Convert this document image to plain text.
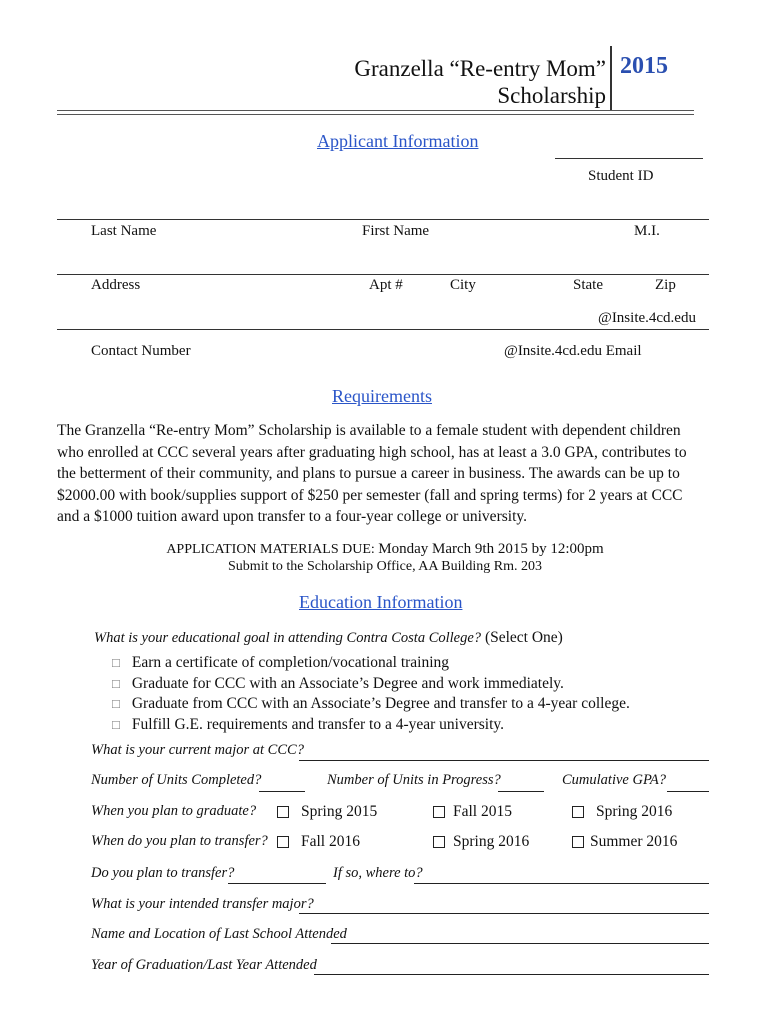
Granzella “Re-entry Mom”
Scholarship
2015
Applicant Information
Student ID
Last Name	First Name	M.I.
Address	Apt #	City	State	Zip
@Insite.4cd.edu
Contact Number	@Insite.4cd.edu Email
Requirements
The Granzella “Re-entry Mom” Scholarship is available to a female student with dependent children
who enrolled at CCC several years after graduating high school, has at least a 3.0 GPA, contributes to
the betterment of their community, and plans to pursue a career in business. The awards can be up to
$2000.00 with book/supplies support of $250 per semester (fall and spring terms) for 2 years at CCC
and a $1000 tuition award upon transfer to a four-year college or university.
APPLICATION MATERIALS DUE: Monday March 9th 2015 by 12:00pm
Submit to the Scholarship Office, AA Building Rm. 203
Education Information
What is your educational goal in attending Contra Costa College? (Select One)
□ Earn a certificate of completion/vocational training
□ Graduate for CCC with an Associate’s Degree and work immediately.
□ Graduate from CCC with an Associate’s Degree and transfer to a 4-year college.
□ Fulfill G.E. requirements and transfer to a 4-year university.
What is your current major at CCC?
Number of Units Completed?	Number of Units in Progress?	Cumulative GPA?
When you plan to graduate?	Spring 2015	Fall 2015	Spring 2016
When do you plan to transfer? Fall 2016	Spring 2016	Summer 2016
Do you plan to transfer?	If so, where to?
What is your intended transfer major?
Name and Location of Last School Attended
Year of Graduation/Last Year Attended
